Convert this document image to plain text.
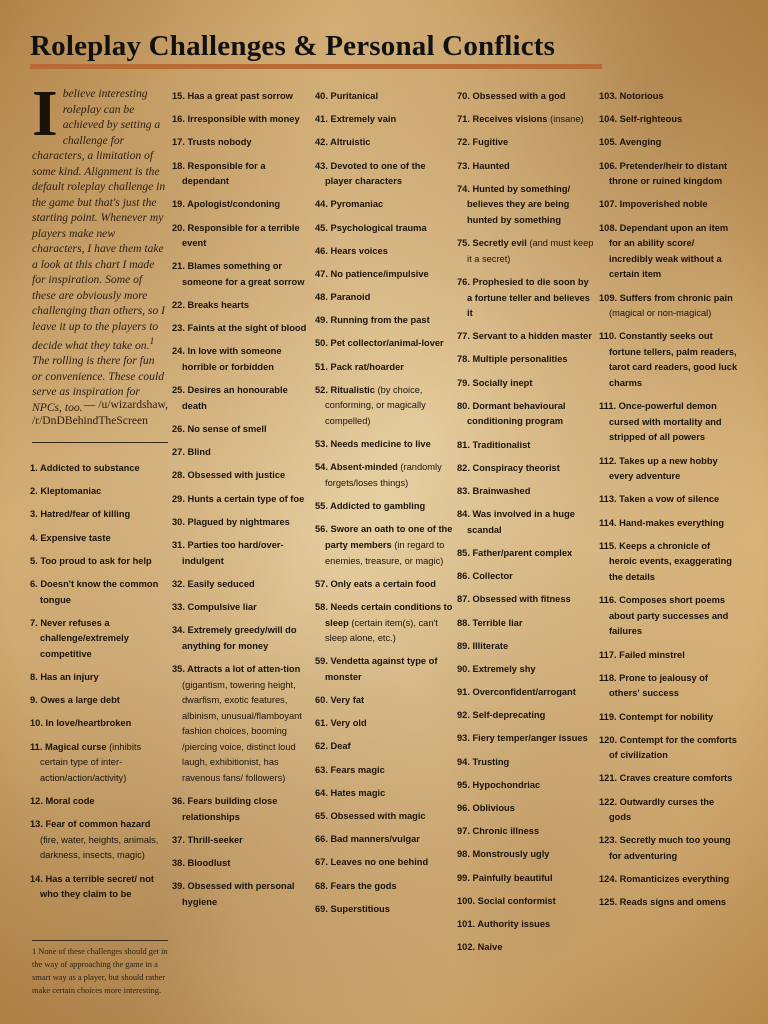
Roleplay Challenges & Personal Conflicts
Ibelieve interesting roleplay can be achieved by setting a challenge for characters, a limitation of some kind. Alignment is the default roleplay challenge in the game but that's just the starting point. Whenever my players make new characters, I have them take a look at this chart I made for inspiration. Some of these are obviously more challenging than others, so I leave it up to the players to decide what they take on.$^1$ The rolling is there for fun or convenience. These could serve as inspiration for NPCs, too. — /u/wizardshaw,
/r/DnDBehindTheScreen
1. Addicted to substance
2. Kleptomaniac
3. Hatred/fear of killing
4. Expensive taste
5. Too proud to ask for help
6. Doesn't know the common tongue
7. Never refuses a challenge/extremely competitive
8. Has an injury
9. Owes a large debt
10. In love/heartbroken
11. Magical curse (inhibits certain type of inter-action/action/activity)
12. Moral code
13. Fear of common hazard (fire, water, heights, animals, darkness, insects, magic)
14. Has a terrible secret/ not who they claim to be
15. Has a great past sorrow
16. Irresponsible with money
17. Trusts nobody
18. Responsible for a dependant
19. Apologist/condoning
20. Responsible for a terrible event
21. Blames something or someone for a great sorrow
22. Breaks hearts
23. Faints at the sight of blood
24. In love with someone horrible or forbidden
25. Desires an honourable death
26. No sense of smell
27. Blind
28. Obsessed with justice
29. Hunts a certain type of foe
30. Plagued by nightmares
31. Parties too hard/over-indulgent
32. Easily seduced
33. Compulsive liar
34. Extremely greedy/will do anything for money
35. Attracts a lot of atten-tion (gigantism, towering height, dwarfism, exotic features, albinism, unusual/flamboyant fashion choices, booming /piercing voice, distinct loud laugh, exhibitionist, has ravenous fans/ followers)
36. Fears building close relationships
37. Thrill-seeker
38. Bloodlust
39. Obsessed with personal hygiene
40. Puritanical
41. Extremely vain
42. Altruistic
43. Devoted to one of the player characters
44. Pyromaniac
45. Psychological trauma
46. Hears voices
47. No patience/impulsive
48. Paranoid
49. Running from the past
50. Pet collector/animal-lover
51. Pack rat/hoarder
52. Ritualistic (by choice, conforming, or magically compelled)
53. Needs medicine to live
54. Absent-minded (randomly forgets/loses things)
55. Addicted to gambling
56. Swore an oath to one of the party members (in regard to enemies, treasure, or magic)
57. Only eats a certain food
58. Needs certain conditions to sleep (certain item(s), can't sleep alone, etc.)
59. Vendetta against type of monster
60. Very fat
61. Very old
62. Deaf
63. Fears magic
64. Hates magic
65. Obsessed with magic
66. Bad manners/vulgar
67. Leaves no one behind
68. Fears the gods
69. Superstitious
70. Obsessed with a god
71. Receives visions (insane)
72. Fugitive
73. Haunted
74. Hunted by something/ believes they are being hunted by something
75. Secretly evil (and must keep it a secret)
76. Prophesied to die soon by a fortune teller and believes it
77. Servant to a hidden master
78. Multiple personalities
79. Socially inept
80. Dormant behavioural conditioning program
81. Traditionalist
82. Conspiracy theorist
83. Brainwashed
84. Was involved in a huge scandal
85. Father/parent complex
86. Collector
87. Obsessed with fitness
88. Terrible liar
89. Illiterate
90. Extremely shy
91. Overconfident/arrogant
92. Self-deprecating
93. Fiery temper/anger issues
94. Trusting
95. Hypochondriac
96. Oblivious
97. Chronic illness
98. Monstrously ugly
99. Painfully beautiful
100. Social conformist
101. Authority issues
102. Naive
103. Notorious
104. Self-righteous
105. Avenging
106. Pretender/heir to distant throne or ruined kingdom
107. Impoverished noble
108. Dependant upon an item for an ability score/ incredibly weak without a certain item
109. Suffers from chronic pain (magical or non-magical)
110. Constantly seeks out fortune tellers, palm readers, tarot card readers, good luck charms
111. Once-powerful demon cursed with mortality and stripped of all powers
112. Takes up a new hobby every adventure
113. Taken a vow of silence
114. Hand-makes everything
115. Keeps a chronicle of heroic events, exaggerating the details
116. Composes short poems about party successes and failures
117. Failed minstrel
118. Prone to jealousy of others' success
119. Contempt for nobility
120. Contempt for the comforts of civilization
121. Craves creature comforts
122. Outwardly curses the gods
123. Secretly much too young for adventuring
124. Romanticizes everything
125. Reads signs and omens
1 None of these challenges should get in the way of approaching the game in a smart way as a player, but should rather make certain choices more interesting.
